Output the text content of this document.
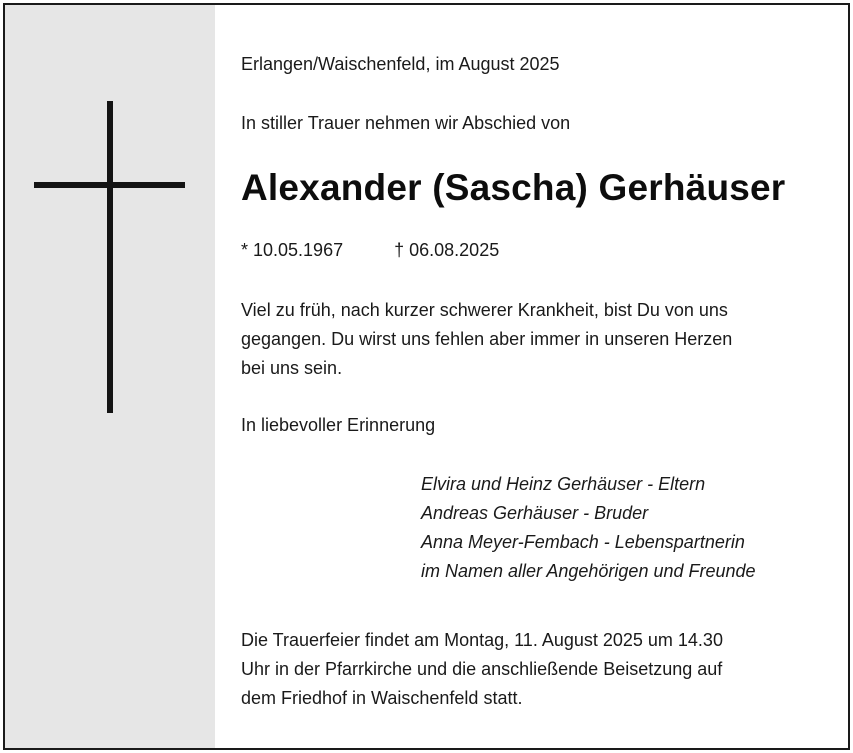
Erlangen/Waischenfeld, im August 2025
In stiller Trauer nehmen wir Abschied von
Alexander (Sascha) Gerhäuser
* 10.05.1967	† 06.08.2025
Viel zu früh, nach kurzer schwerer Krankheit, bist Du von uns
gegangen. Du wirst uns fehlen aber immer in unseren Herzen
bei uns sein.
In liebevoller Erinnerung
Elvira und Heinz Gerhäuser - Eltern
Andreas Gerhäuser - Bruder
Anna Meyer-Fembach - Lebenspartnerin
im Namen aller Angehörigen und Freunde
Die Trauerfeier findet am Montag, 11. August 2025 um 14.30
Uhr in der Pfarrkirche und die anschließende Beisetzung auf
dem Friedhof in Waischenfeld statt.
